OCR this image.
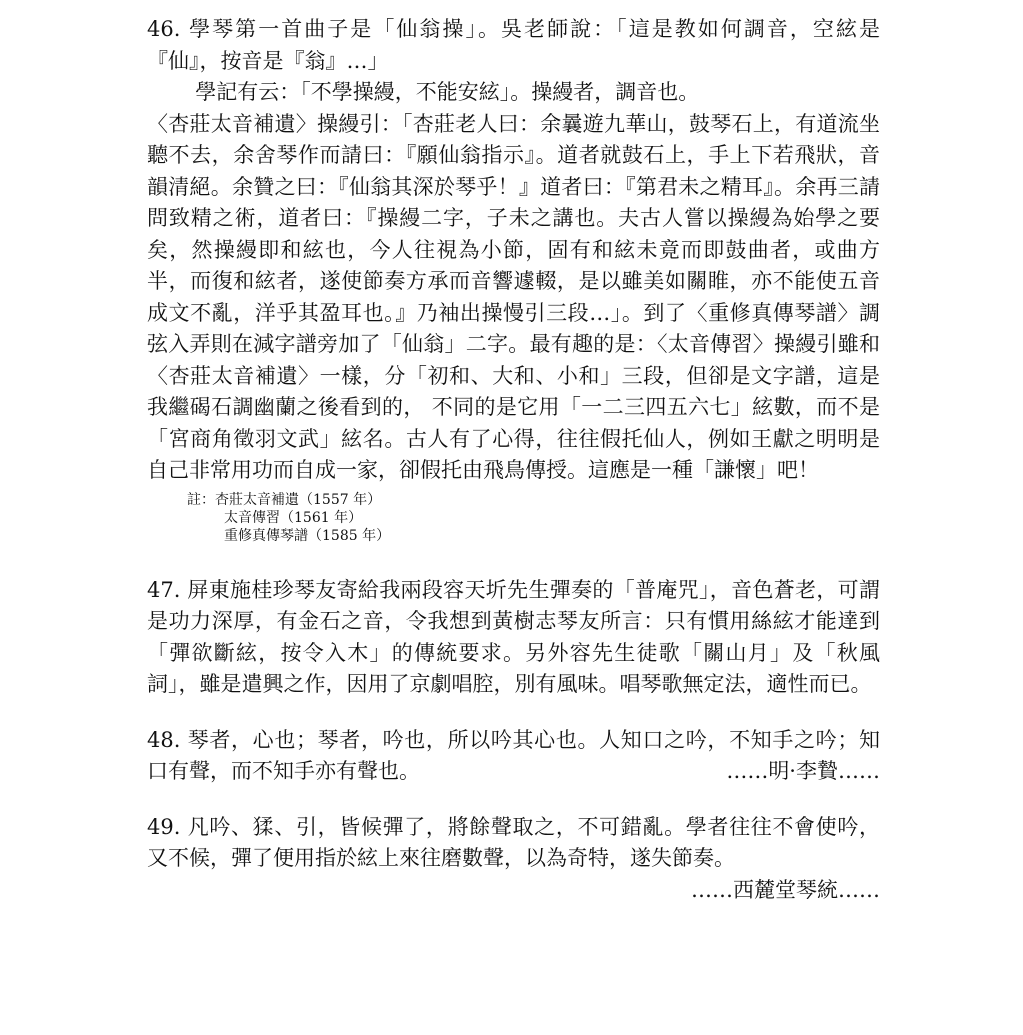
46. 學琴第一首曲子是「仙翁操」。吳老師說：「這是教如何調音，空絃是『仙』，按音是『翁』…」

學記有云：「不學操縵，不能安絃」。操縵者，調音也。

〈杏莊太音補遺〉操縵引：「杏莊老人曰：余曩遊九華山，鼓琴石上，有道流坐聽不去，余舍琴作而請曰：『願仙翁指示』。道者就鼓石上，手上下若飛狀，音韻清絕。余贊之曰：『仙翁其深於琴乎！』道者曰：『第君未之精耳』。余再三請問致精之術，道者曰：『操縵二字，子未之講也。夫古人嘗以操縵為始學之要矣，然操縵即和絃也，今人往視為小節，固有和絃未竟而即鼓曲者，或曲方半，而復和絃者，遂使節奏方承而音響遽輟，是以雖美如關睢，亦不能使五音成文不亂，洋乎其盈耳也。』乃袖出操慢引三段…」。到了〈重修真傳琴譜〉調弦入弄則在減字譜旁加了「仙翁」二字。最有趣的是：〈太音傳習〉操縵引雖和〈杏莊太音補遺〉一樣，分「初和、大和、小和」三段，但卻是文字譜，這是我繼碣石調幽蘭之後看到的， 不同的是它用「一二三四五六七」絃數，而不是「宮商角徵羽文武」絃名。古人有了心得，往往假托仙人，例如王獻之明明是自己非常用功而自成一家，卻假托由飛鳥傳授。這應是一種「謙懷」吧！

註：杏莊太音補遺（1557 年）
太音傳習（1561 年）
重修真傳琴譜（1585 年）

47. 屏東施桂珍琴友寄給我兩段容天圻先生彈奏的「普庵咒」，音色蒼老，可謂是功力深厚，有金石之音，令我想到黃樹志琴友所言：只有慣用絲絃才能達到「彈欲斷絃，按令入木」的傳統要求。另外容先生徒歌「關山月」及「秋風詞」，雖是遣興之作，因用了京劇唱腔，別有風味。唱琴歌無定法，適性而已。

48. 琴者，心也；琴者，吟也，所以吟其心也。人知口之吟，不知手之吟；知口有聲，而不知手亦有聲也。	……明·李贄……

49. 凡吟、猱、引，皆候彈了，將餘聲取之，不可錯亂。學者往往不會使吟，又不候，彈了便用指於絃上來往磨數聲，以為奇特，遂失節奏。

……西麓堂琴統……
